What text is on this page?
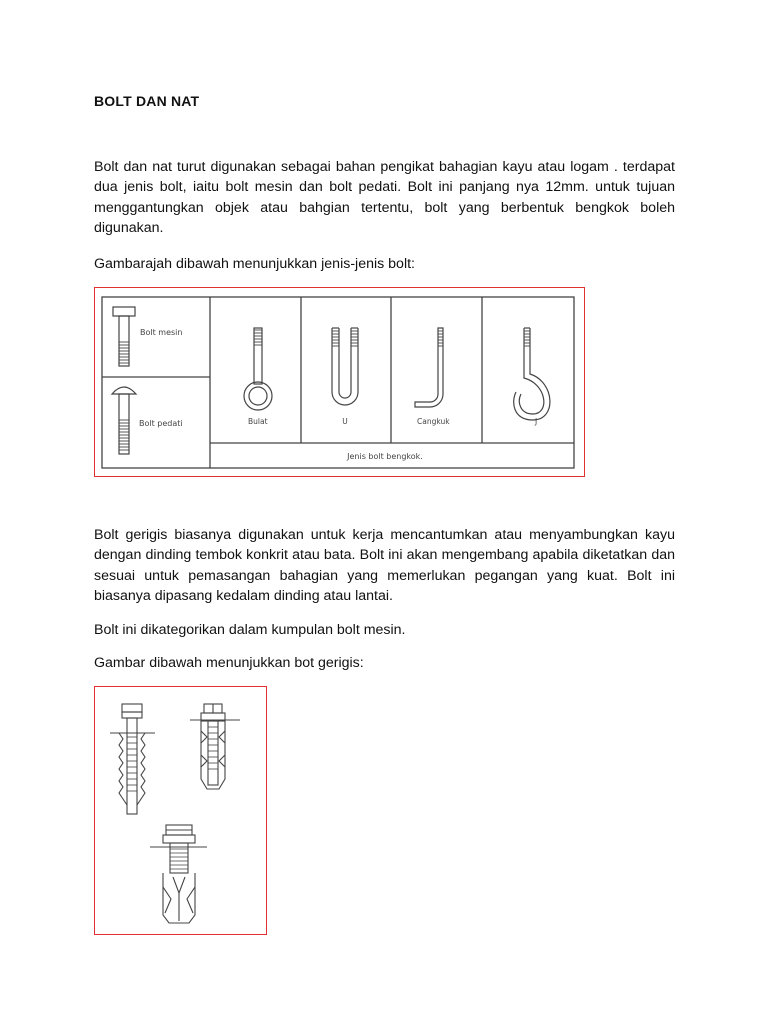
BOLT DAN NAT
Bolt dan nat turut digunakan sebagai bahan pengikat bahagian kayu atau logam . terdapat dua jenis bolt, iaitu bolt mesin dan bolt pedati. Bolt ini panjang nya 12mm. untuk tujuan menggantungkan objek atau bahgian tertentu, bolt yang berbentuk bengkok boleh digunakan.
Gambarajah dibawah menunjukkan jenis-jenis bolt:
Bolt mesin
Bolt pedati	Bulat	U	Cangkuk	J
Jenis bolt bengkok.
Bolt gerigis biasanya digunakan untuk kerja mencantumkan atau menyambungkan kayu dengan dinding tembok konkrit atau bata. Bolt ini akan mengembang apabila diketatkan dan sesuai untuk pemasangan bahagian yang memerlukan pegangan yang kuat. Bolt ini biasanya dipasang kedalam dinding atau lantai.
Bolt ini dikategorikan dalam kumpulan bolt mesin.
Gambar dibawah menunjukkan bot gerigis:
